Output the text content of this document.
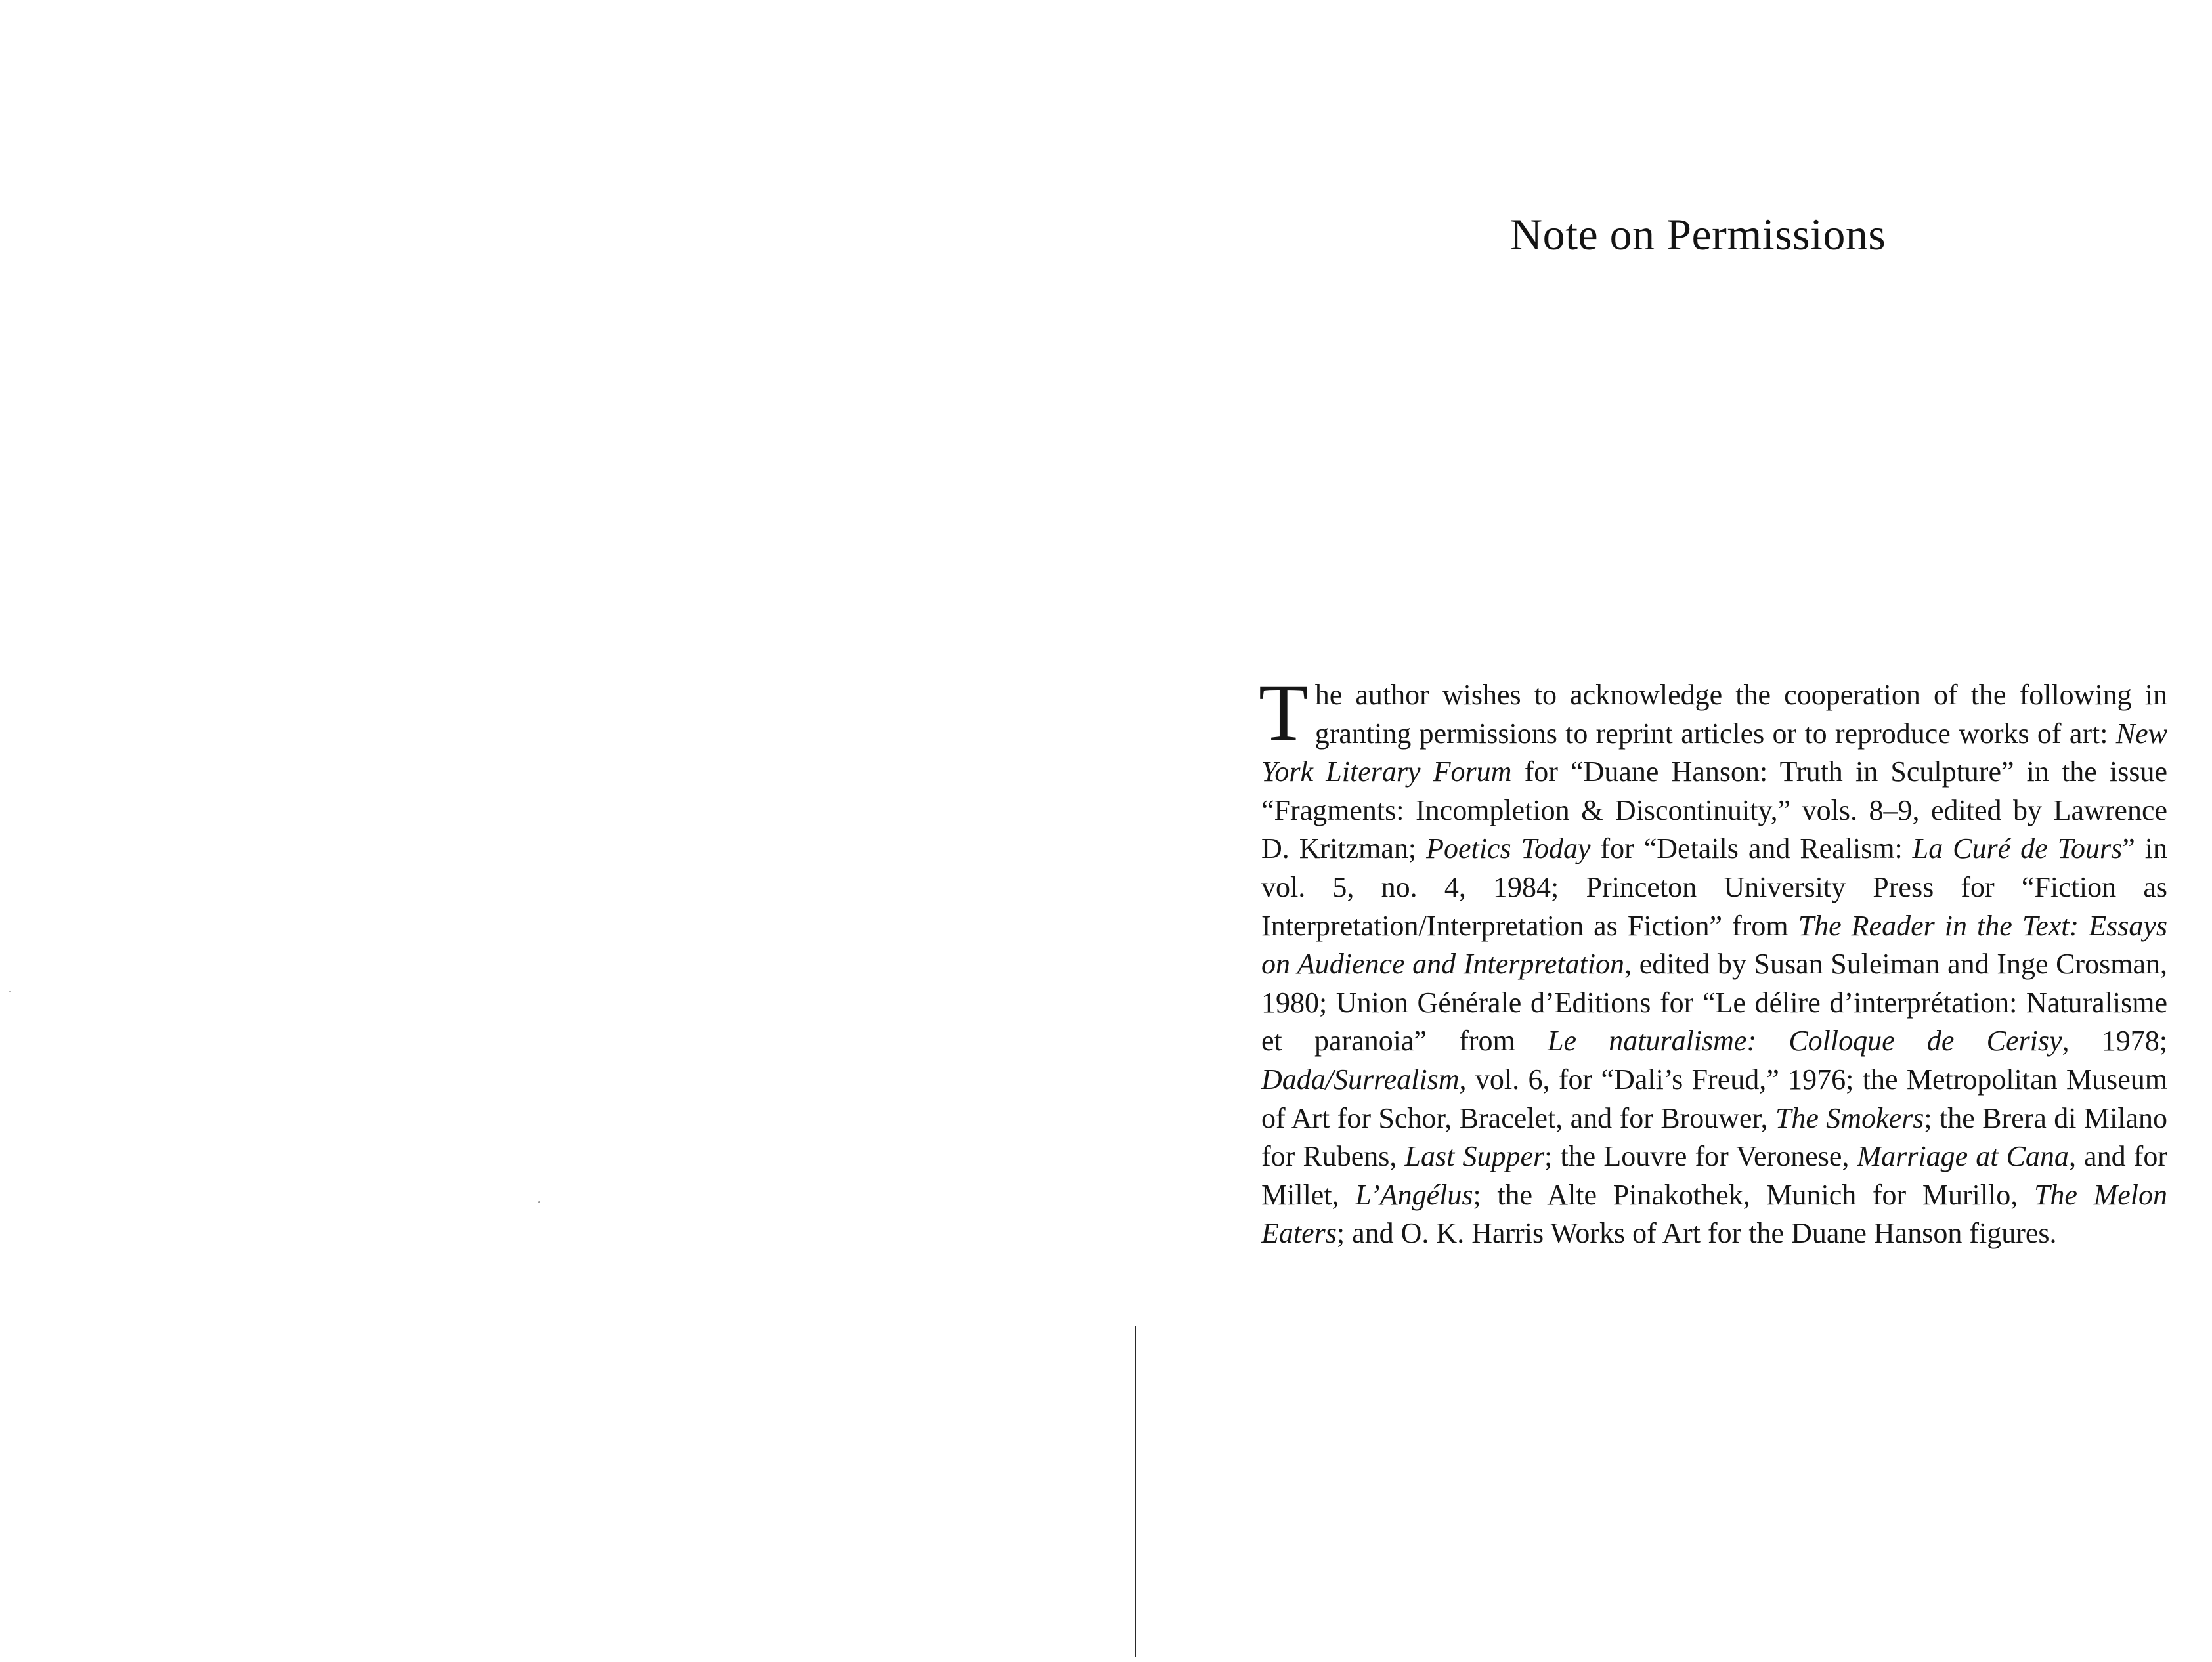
Note on Permissions

The author wishes to acknowledge the cooperation of the following in granting permissions to reprint articles or to reproduce works of art: New York Literary Forum for “Duane Hanson: Truth in Sculpture” in the issue “Fragments: Incompletion & Discontinuity,” vols. 8–9, edited by Lawrence D. Kritzman; Poetics Today for “Details and Realism: La Curé de Tours” in vol. 5, no. 4, 1984; Princeton University Press for “Fiction as Interpretation/Interpretation as Fiction” from The Reader in the Text: Essays on Audience and Interpretation, edited by Susan Suleiman and Inge Crosman, 1980; Union Générale d’Editions for “Le délire d’interprétation: Naturalisme et paranoia” from Le naturalisme: Colloque de Cerisy, 1978; Dada/Surrealism, vol. 6, for “Dali’s Freud,” 1976; the Metropolitan Museum of Art for Schor, Bracelet, and for Brouwer, The Smokers; the Brera di Milano for Rubens, Last Supper; the Louvre for Veronese, Marriage at Cana, and for Millet, L’Angélus; the Alte Pinakothek, Munich for Murillo, The Melon Eaters; and O. K. Harris Works of Art for the Duane Hanson figures.
